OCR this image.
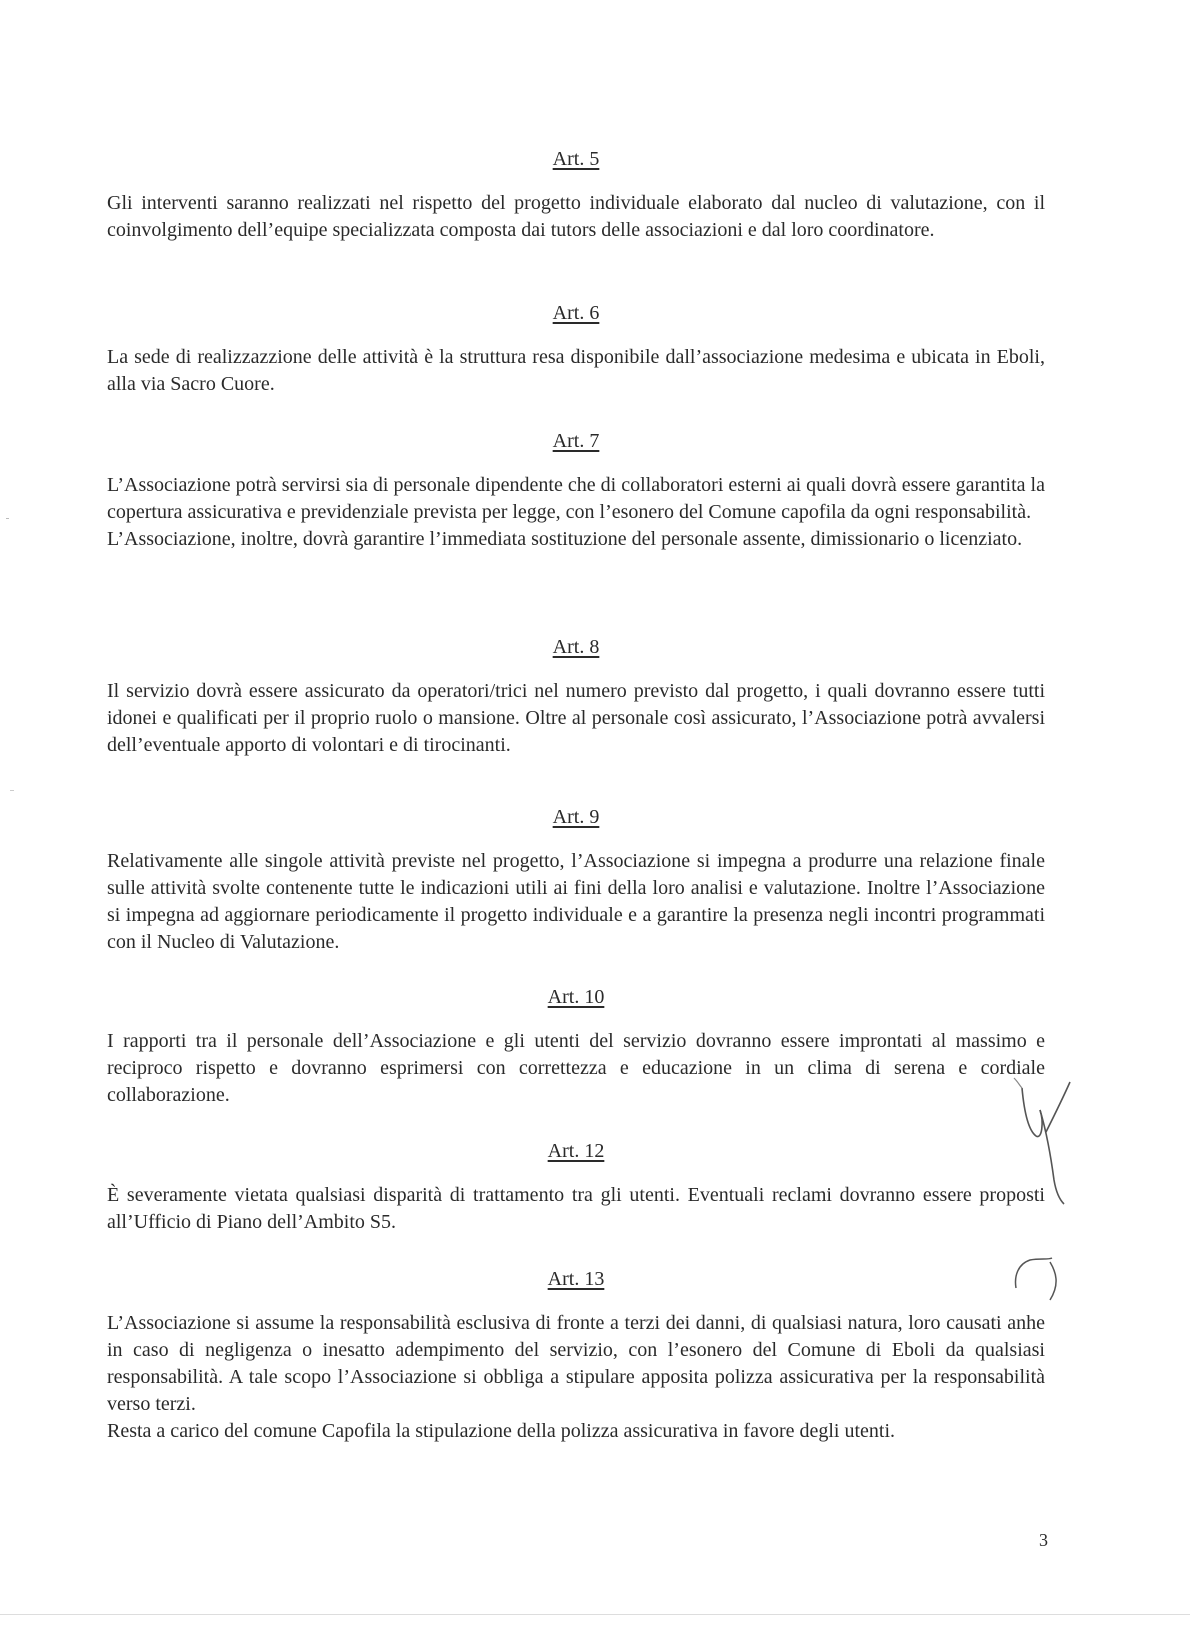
Art. 5

Gli interventi saranno realizzati nel rispetto del progetto individuale elaborato dal nucleo di valutazione, con il coinvolgimento dell’equipe specializzata composta dai tutors delle associazioni e dal loro coordinatore.

Art. 6

La sede di realizzazzione delle attività è la struttura resa disponibile dall’associazione medesima e ubicata in Eboli, alla via Sacro Cuore.

Art. 7

L’Associazione potrà servirsi sia di personale dipendente che di collaboratori esterni ai quali dovrà essere garantita la copertura assicurativa e previdenziale prevista per legge, con l’esonero del Comune capofila da ogni responsabilità.

L’Associazione, inoltre, dovrà garantire l’immediata sostituzione del personale assente, dimissionario o licenziato.

Art. 8

Il servizio dovrà essere assicurato da operatori/trici nel numero previsto dal progetto, i quali dovranno essere tutti idonei e qualificati per il proprio ruolo o mansione. Oltre al personale così assicurato, l’Associazione potrà avvalersi dell’eventuale apporto di volontari e di tirocinanti.

Art. 9

Relativamente alle singole attività previste nel progetto, l’Associazione si impegna a produrre una relazione finale sulle attività svolte contenente tutte le indicazioni utili ai fini della loro analisi e valutazione. Inoltre l’Associazione si impegna ad aggiornare periodicamente il progetto individuale e a garantire la presenza negli incontri programmati con il Nucleo di Valutazione.

Art. 10

I rapporti tra il personale dell’Associazione e gli utenti del servizio dovranno essere improntati al massimo e reciproco rispetto e dovranno esprimersi con correttezza e educazione in un clima di serena e cordiale collaborazione.

Art. 12

È severamente vietata qualsiasi disparità di trattamento tra gli utenti. Eventuali reclami dovranno essere proposti all’Ufficio di Piano dell’Ambito S5.

Art. 13

L’Associazione si assume la responsabilità esclusiva di fronte a terzi dei danni, di qualsiasi natura, loro causati anhe in caso di negligenza o inesatto adempimento del servizio, con l’esonero del Comune di Eboli da qualsiasi responsabilità. A tale scopo l’Associazione si obbliga a stipulare apposita polizza assicurativa per la responsabilità verso terzi.

Resta a carico del comune Capofila la stipulazione della polizza assicurativa in favore degli utenti.

3
